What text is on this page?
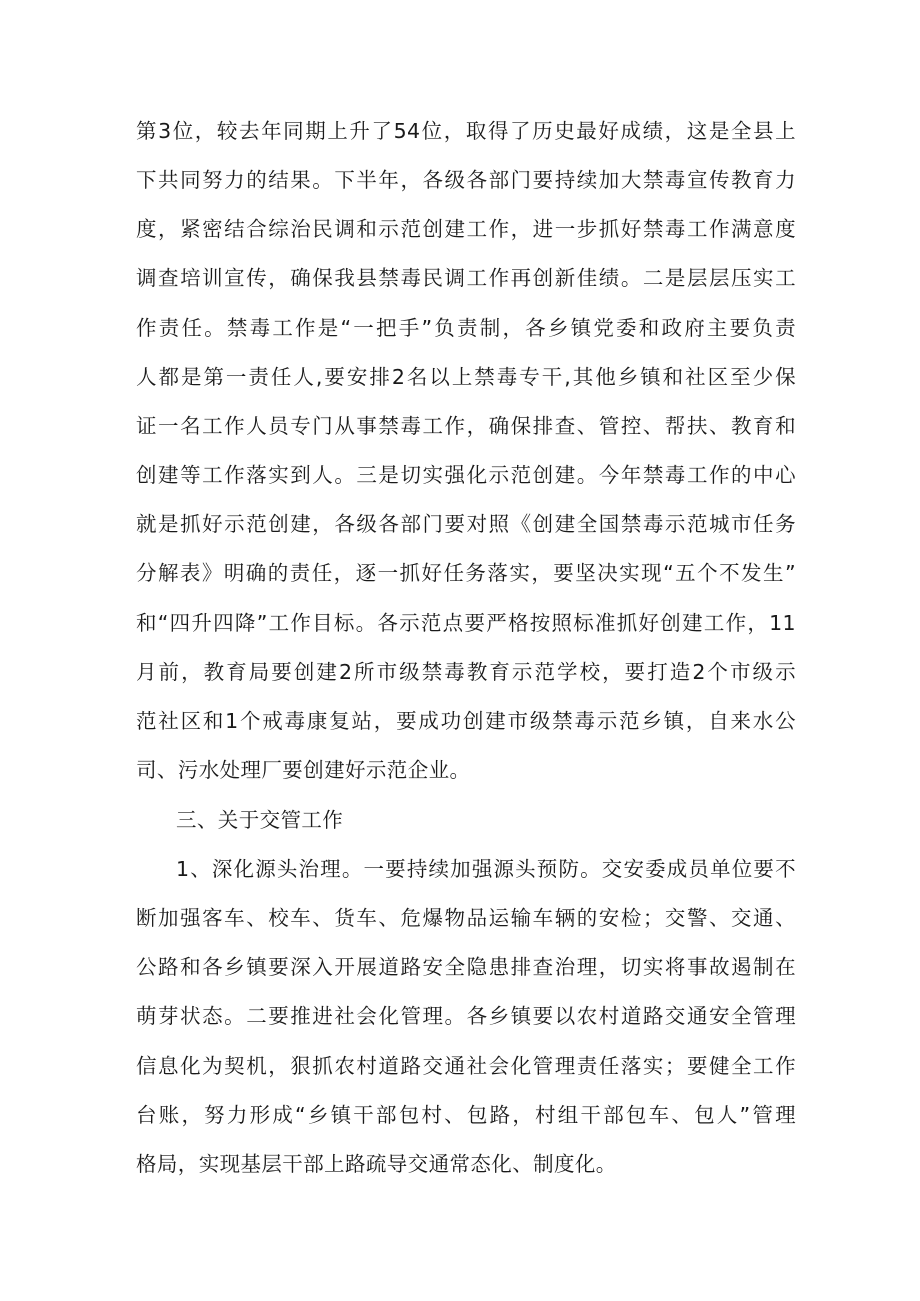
第3位，较去年同期上升了54位，取得了历史最好成绩，这是全县上
下共同努力的结果。下半年，各级各部门要持续加大禁毒宣传教育力
度，紧密结合综治民调和示范创建工作，进一步抓好禁毒工作满意度
调查培训宣传，确保我县禁毒民调工作再创新佳绩。二是层层压实工
作责任。禁毒工作是“一把手”负责制，各乡镇党委和政府主要负责
人都是第一责任人,要安排2名以上禁毒专干,其他乡镇和社区至少保
证一名工作人员专门从事禁毒工作，确保排查、管控、帮扶、教育和
创建等工作落实到人。三是切实强化示范创建。今年禁毒工作的中心
就是抓好示范创建，各级各部门要对照《创建全国禁毒示范城市任务
分解表》明确的责任，逐一抓好任务落实，要坚决实现“五个不发生”
和“四升四降”工作目标。各示范点要严格按照标准抓好创建工作，11
月前，教育局要创建2所市级禁毒教育示范学校，要打造2个市级示
范社区和1个戒毒康复站，要成功创建市级禁毒示范乡镇，自来水公
司、污水处理厂要创建好示范企业。
三、关于交管工作
1、深化源头治理。一要持续加强源头预防。交安委成员单位要不
断加强客车、校车、货车、危爆物品运输车辆的安检；交警、交通、
公路和各乡镇要深入开展道路安全隐患排查治理，切实将事故遏制在
萌芽状态。二要推进社会化管理。各乡镇要以农村道路交通安全管理
信息化为契机，狠抓农村道路交通社会化管理责任落实；要健全工作
台账，努力形成“乡镇干部包村、包路，村组干部包车、包人”管理
格局，实现基层干部上路疏导交通常态化、制度化。
